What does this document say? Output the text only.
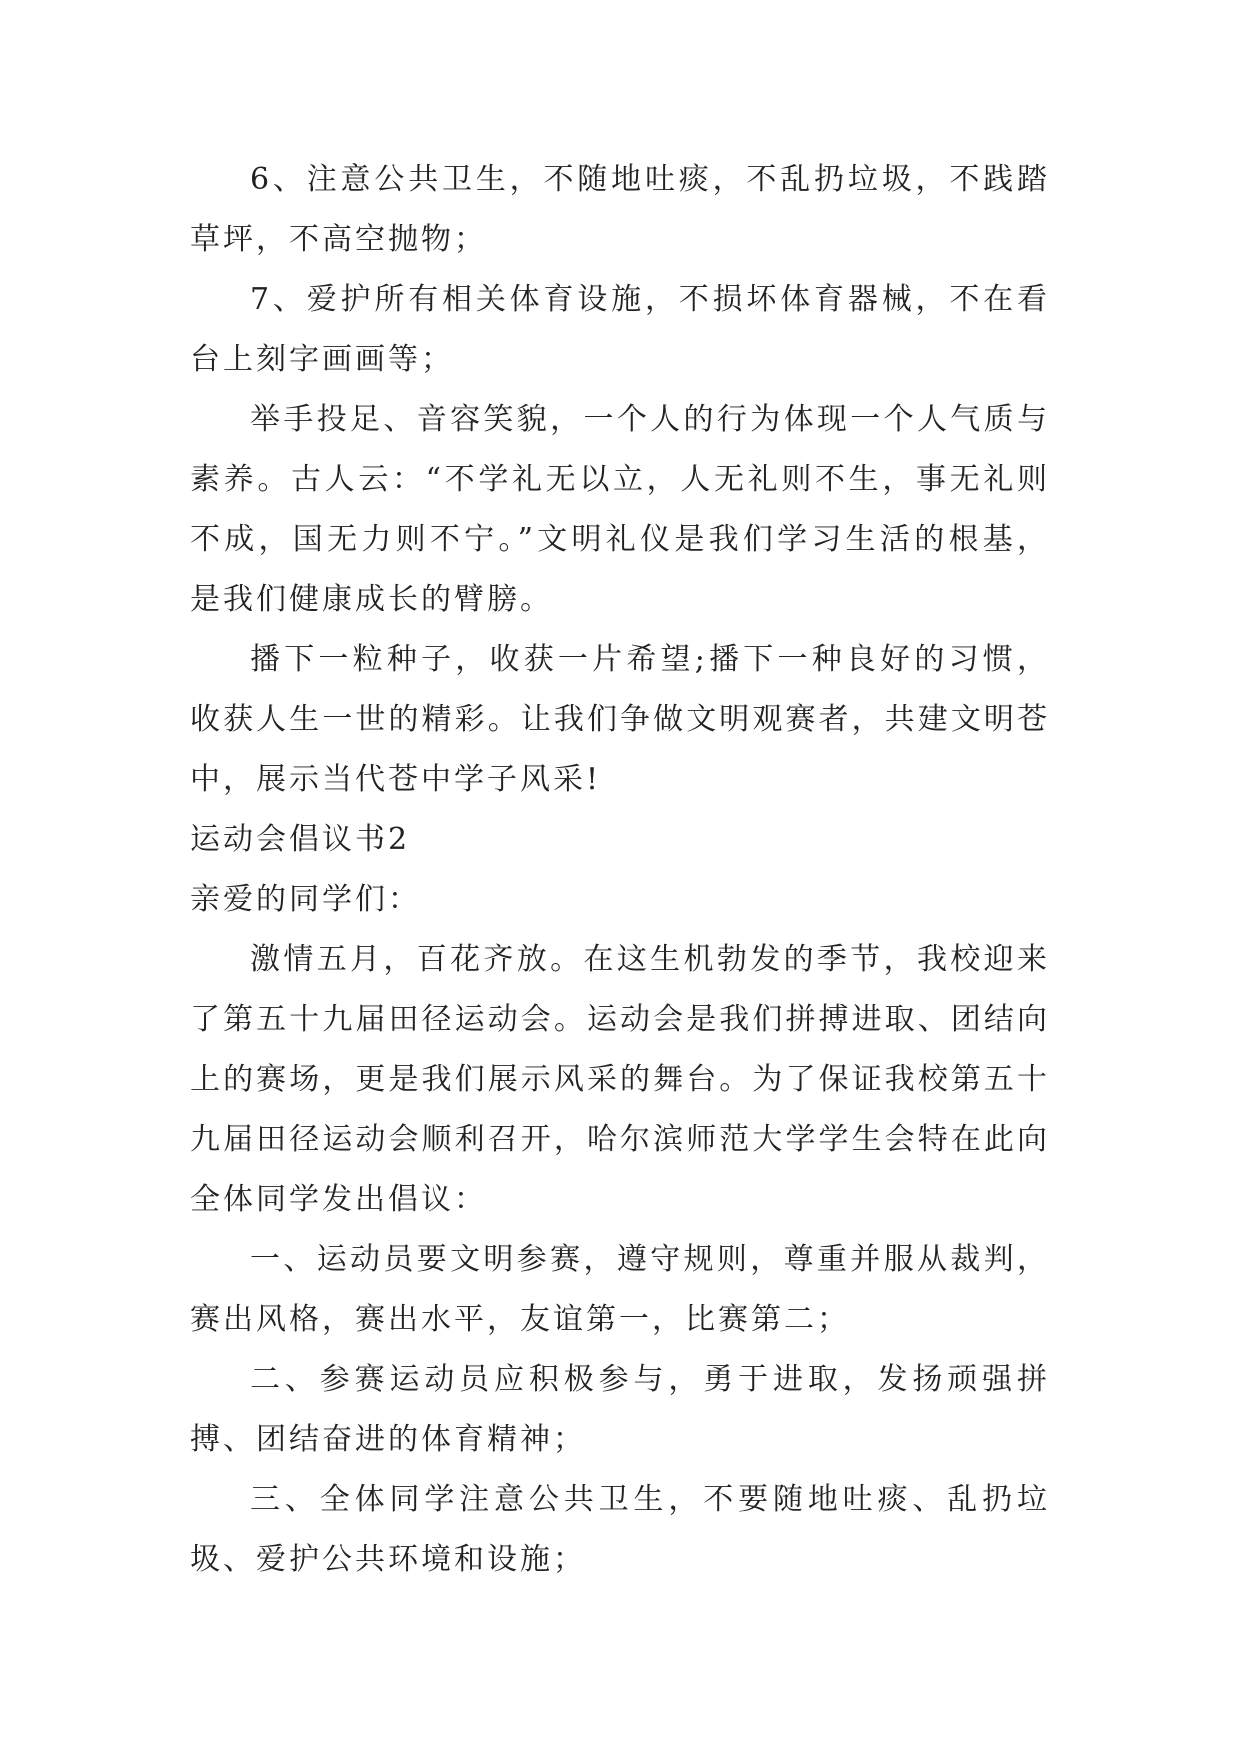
6、注意公共卫生，不随地吐痰，不乱扔垃圾，不践踏草坪，不高空抛物；

7、爱护所有相关体育设施，不损坏体育器械，不在看台上刻字画画等；

举手投足、音容笑貌，一个人的行为体现一个人气质与素养。古人云：“不学礼无以立，人无礼则不生，事无礼则不成，国无力则不宁。”文明礼仪是我们学习生活的根基，是我们健康成长的臂膀。

播下一粒种子，收获一片希望;播下一种良好的习惯，收获人生一世的精彩。让我们争做文明观赛者，共建文明苍中，展示当代苍中学子风采!

运动会倡议书2

亲爱的同学们：

激情五月，百花齐放。在这生机勃发的季节，我校迎来了第五十九届田径运动会。运动会是我们拼搏进取、团结向上的赛场，更是我们展示风采的舞台。为了保证我校第五十九届田径运动会顺利召开，哈尔滨师范大学学生会特在此向全体同学发出倡议：

一、运动员要文明参赛，遵守规则，尊重并服从裁判，赛出风格，赛出水平，友谊第一，比赛第二；

二、参赛运动员应积极参与，勇于进取，发扬顽强拼搏、团结奋进的体育精神；

三、全体同学注意公共卫生，不要随地吐痰、乱扔垃圾、爱护公共环境和设施；
